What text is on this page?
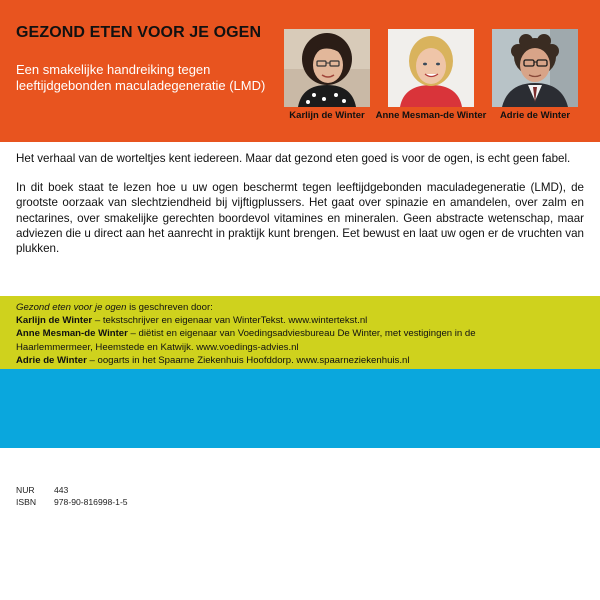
GEZOND ETEN VOOR JE OGEN

Een smakelijke handreiking tegen leeftijdgebonden maculadegeneratie (LMD)

Karlijn de Winter	Anne Mesman-de Winter	Adrie de Winter

Het verhaal van de worteltjes kent iedereen. Maar dat gezond eten goed is voor de ogen, is echt geen fabel.

In dit boek staat te lezen hoe u uw ogen beschermt tegen leeftijdgebonden maculadegeneratie (LMD), de grootste oorzaak van slechtziendheid bij vijftigplussers. Het gaat over spinazie en amandelen, over zalm en nectarines, over smakelijke gerechten boordevol vitamines en mineralen. Geen abstracte wetenschap, maar adviezen die u direct aan het aanrecht in praktijk kunt brengen. Eet bewust en laat uw ogen er de vruchten van plukken.

Gezond eten voor je ogen is geschreven door:
Karlijn de Winter – tekstschrijver en eigenaar van WinterTekst. www.wintertekst.nl
Anne Mesman-de Winter – diëtist en eigenaar van Voedingsadviesbureau De Winter, met vestigingen in de
Haarlemmermeer, Heemstede en Katwijk. www.voedings-advies.nl
Adrie de Winter – oogarts in het Spaarne Ziekenhuis Hoofddorp. www.spaarneziekenhuis.nl
NUR 443
ISBN 978-90-816998-1-5
